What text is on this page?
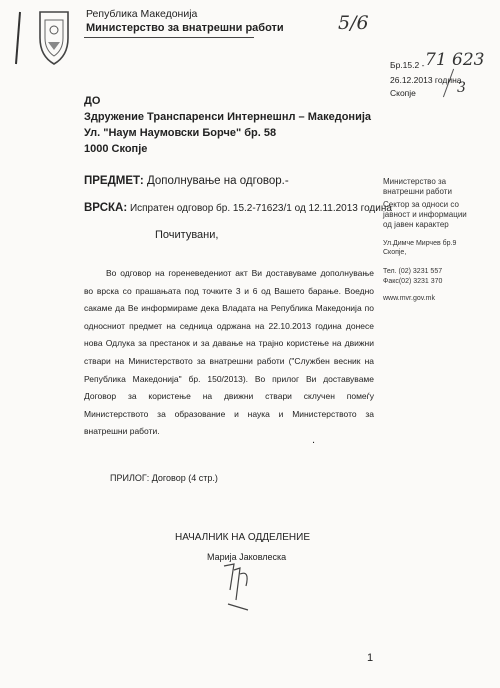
Република Македонија
Министерство за внатрешни работи	5/6
Бр.15.2 - 71 623
3
26.12.2013 година
Скопје
ДО
Здружение Транспаренси Интернешнл – Македонија
Ул. "Наум Наумовски Борче" бр. 58
1000 Скопје
ПРЕДМЕТ: Дополнување на одговор.-
ВРСКА: Испратен одговор бр. 15.2-71623/1 од 12.11.2013 година
Почитувани,
Во одговор на гореневедениот акт Ви доставуваме дополнување во врска со прашањата под точките 3 и 6 од Вашето барање. Воедно сакаме да Ве информираме дека Владата на Република Македонија по односниот предмет на седница одржана на 22.10.2013 година донесе нова Одлука за престанок и за давање на трајно користење на движни ствари на Министерството за внатрешни работи ("Службен весник на Република Македонија" бр. 150/2013). Во прилог Ви доставуваме Договор за користење на движни ствари склучен помеѓу Министерството за образование и наука и Министерството за внатрешни работи.
.
ПРИЛОГ: Договор (4 стр.)
НАЧАЛНИК НА ОДДЕЛЕНИЕ
Марија Јаковлеска
Министерство за
внатрешни работи
Сектор за односи со
јавност и информации
од јавен карактер
Ул.Димче Мирчев бр.9
Скопје,
Тел. (02) 3231 557
Факс(02) 3231 370
www.mvr.gov.mk
1
